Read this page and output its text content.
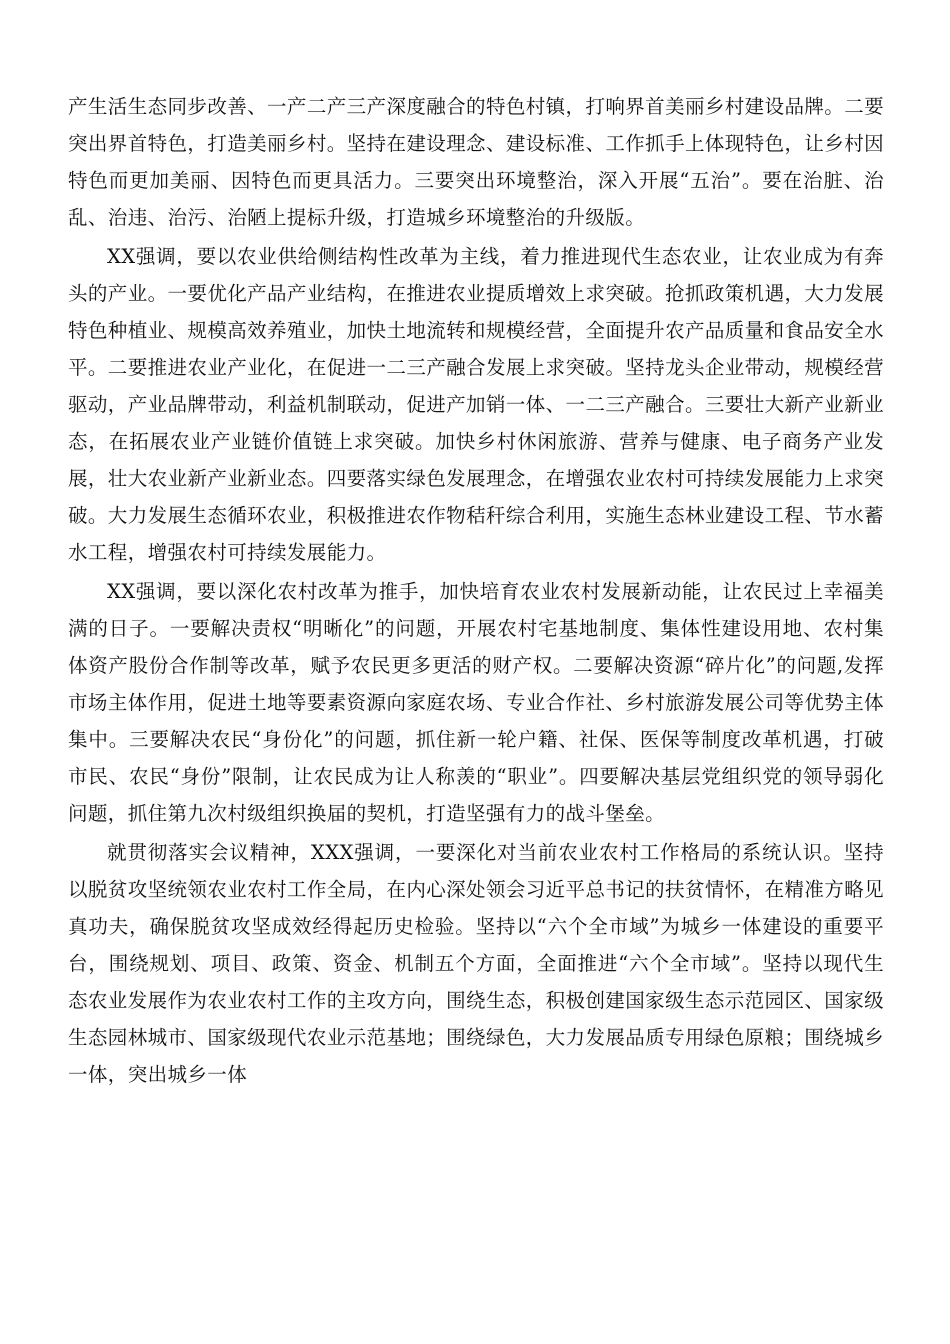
产生活生态同步改善、一产二产三产深度融合的特色村镇，打响界首美丽乡村建设品牌。二要突出界首特色，打造美丽乡村。坚持在建设理念、建设标准、工作抓手上体现特色，让乡村因特色而更加美丽、因特色而更具活力。三要突出环境整治，深入开展“五治”。要在治脏、治乱、治违、治污、治陋上提标升级，打造城乡环境整治的升级版。

XX强调，要以农业供给侧结构性改革为主线，着力推进现代生态农业，让农业成为有奔头的产业。一要优化产品产业结构，在推进农业提质增效上求突破。抢抓政策机遇，大力发展特色种植业、规模高效养殖业，加快土地流转和规模经营，全面提升农产品质量和食品安全水平。二要推进农业产业化，在促进一二三产融合发展上求突破。坚持龙头企业带动，规模经营驱动，产业品牌带动，利益机制联动，促进产加销一体、一二三产融合。三要壮大新产业新业态，在拓展农业产业链价值链上求突破。加快乡村休闲旅游、营养与健康、电子商务产业发展，壮大农业新产业新业态。四要落实绿色发展理念，在增强农业农村可持续发展能力上求突破。大力发展生态循环农业，积极推进农作物秸秆综合利用，实施生态林业建设工程、节水蓄水工程，增强农村可持续发展能力。

XX强调，要以深化农村改革为推手，加快培育农业农村发展新动能，让农民过上幸福美满的日子。一要解决责权“明晰化”的问题，开展农村宅基地制度、集体性建设用地、农村集体资产股份合作制等改革，赋予农民更多更活的财产权。二要解决资源“碎片化”的问题,发挥市场主体作用，促进土地等要素资源向家庭农场、专业合作社、乡村旅游发展公司等优势主体集中。三要解决农民“身份化”的问题，抓住新一轮户籍、社保、医保等制度改革机遇，打破市民、农民“身份”限制，让农民成为让人称羡的“职业”。四要解决基层党组织党的领导弱化问题，抓住第九次村级组织换届的契机，打造坚强有力的战斗堡垒。

就贯彻落实会议精神，XXX强调，一要深化对当前农业农村工作格局的系统认识。坚持以脱贫攻坚统领农业农村工作全局，在内心深处领会习近平总书记的扶贫情怀，在精准方略见真功夫，确保脱贫攻坚成效经得起历史检验。坚持以“六个全市域”为城乡一体建设的重要平台，围绕规划、项目、政策、资金、机制五个方面，全面推进“六个全市域”。坚持以现代生态农业发展作为农业农村工作的主攻方向，围绕生态，积极创建国家级生态示范园区、国家级生态园林城市、国家级现代农业示范基地；围绕绿色，大力发展品质专用绿色原粮；围绕城乡一体，突出城乡一体
